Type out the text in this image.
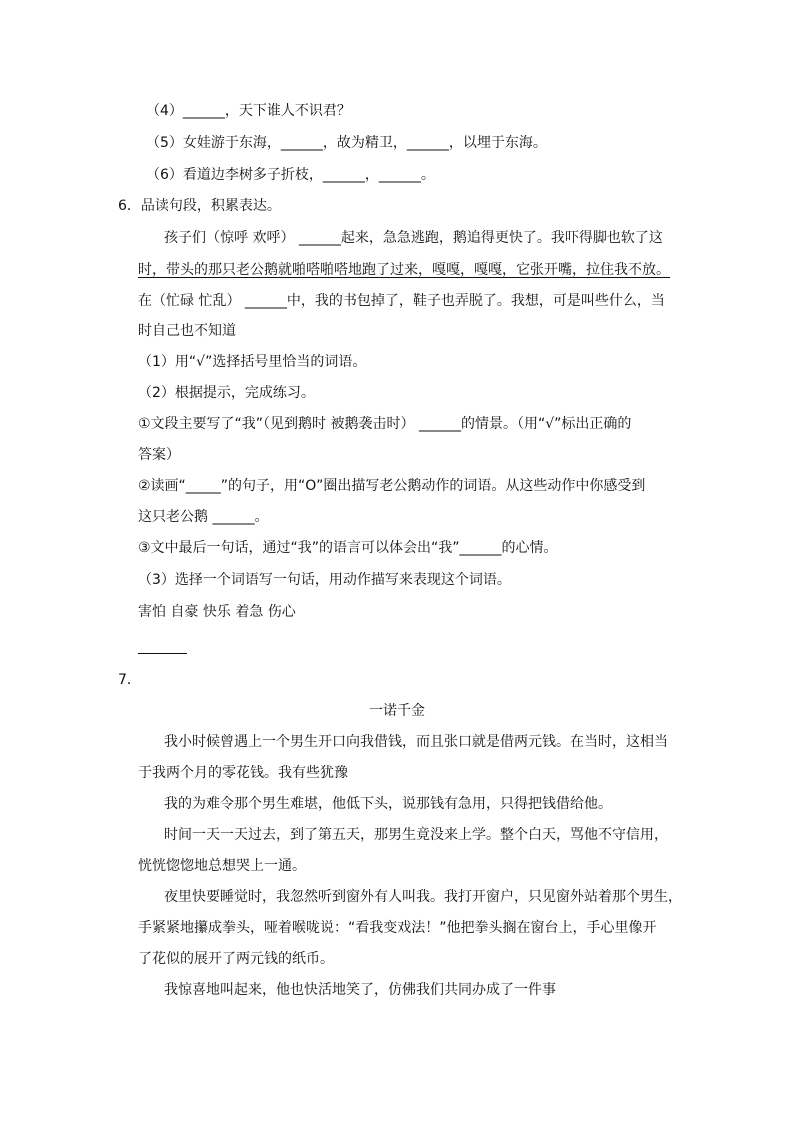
（4）______，天下谁人不识君？
（5）女娃游于东海，______，故为精卫，______，以埋于东海。
（6）看道边李树多子折枝，______，______。
6．品读句段，积累表达。
孩子们（惊呼 欢呼） ______起来，急急逃跑，鹅追得更快了。我吓得脚也软了这
时，带头的那只老公鹅就啪嗒啪嗒地跑了过来，嘎嘎，嘎嘎，它张开嘴，拉住我不放。
在（忙碌 忙乱） ______中，我的书包掉了，鞋子也弄脱了。我想，可是叫些什么，当
时自己也不知道
（1）用“√”选择括号里恰当的词语。
（2）根据提示，完成练习。
①文段主要写了“我”（见到鹅时 被鹅袭击时） ______的情景。（用“√”标出正确的
答案）
②读画“_____”的句子，用“O”圈出描写老公鹅动作的词语。从这些动作中你感受到
这只老公鹅 ______。
③文中最后一句话，通过“我”的语言可以体会出“我”______的心情。
（3）选择一个词语写一句话，用动作描写来表现这个词语。
害怕 自豪 快乐 着急 伤心
7．
一诺千金
我小时候曾遇上一个男生开口向我借钱，而且张口就是借两元钱。在当时，这相当
于我两个月的零花钱。我有些犹豫
我的为难令那个男生难堪，他低下头，说那钱有急用，只得把钱借给他。
时间一天一天过去，到了第五天，那男生竟没来上学。整个白天，骂他不守信用，
恍恍惚惚地总想哭上一通。
夜里快要睡觉时，我忽然听到窗外有人叫我。我打开窗户，只见窗外站着那个男生，
手紧紧地攥成拳头，哑着喉咙说：“看我变戏法！”他把拳头搁在窗台上，手心里像开
了花似的展开了两元钱的纸币。
我惊喜地叫起来，他也快活地笑了，仿佛我们共同办成了一件事
